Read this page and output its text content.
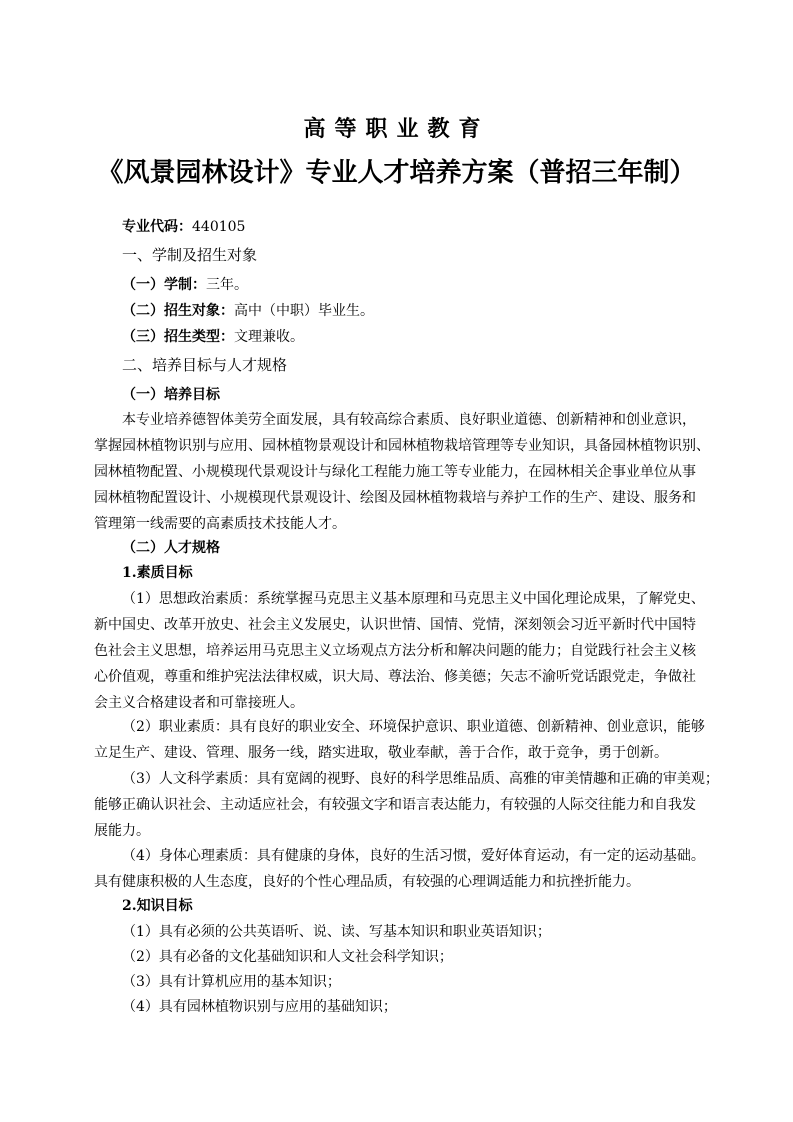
高等职业教育
《风景园林设计》专业人才培养方案（普招三年制）
专业代码：440105
一、学制及招生对象
（一）学制：三年。
（二）招生对象：高中（中职）毕业生。
（三）招生类型：文理兼收。
二、培养目标与人才规格
（一）培养目标
本专业培养德智体美劳全面发展，具有较高综合素质、良好职业道德、创新精神和创业意识，
掌握园林植物识别与应用、园林植物景观设计和园林植物栽培管理等专业知识，具备园林植物识别、
园林植物配置、小规模现代景观设计与绿化工程能力施工等专业能力，在园林相关企事业单位从事
园林植物配置设计、小规模现代景观设计、绘图及园林植物栽培与养护工作的生产、建设、服务和
管理第一线需要的高素质技术技能人才。
（二）人才规格
1.素质目标
（1）思想政治素质：系统掌握马克思主义基本原理和马克思主义中国化理论成果，了解党史、
新中国史、改革开放史、社会主义发展史，认识世情、国情、党情，深刻领会习近平新时代中国特
色社会主义思想，培养运用马克思主义立场观点方法分析和解决问题的能力；自觉践行社会主义核
心价值观，尊重和维护宪法法律权威，识大局、尊法治、修美德；矢志不渝听党话跟党走，争做社
会主义合格建设者和可靠接班人。
（2）职业素质：具有良好的职业安全、环境保护意识、职业道德、创新精神、创业意识，能够
立足生产、建设、管理、服务一线，踏实进取，敬业奉献，善于合作，敢于竞争，勇于创新。
（3）人文科学素质：具有宽阔的视野、良好的科学思维品质、高雅的审美情趣和正确的审美观；
能够正确认识社会、主动适应社会，有较强文字和语言表达能力，有较强的人际交往能力和自我发
展能力。
（4）身体心理素质：具有健康的身体，良好的生活习惯，爱好体育运动，有一定的运动基础。
具有健康积极的人生态度，良好的个性心理品质，有较强的心理调适能力和抗挫折能力。
2.知识目标
（1）具有必须的公共英语听、说、读、写基本知识和职业英语知识；
（2）具有必备的文化基础知识和人文社会科学知识；
（3）具有计算机应用的基本知识；
（4）具有园林植物识别与应用的基础知识；
